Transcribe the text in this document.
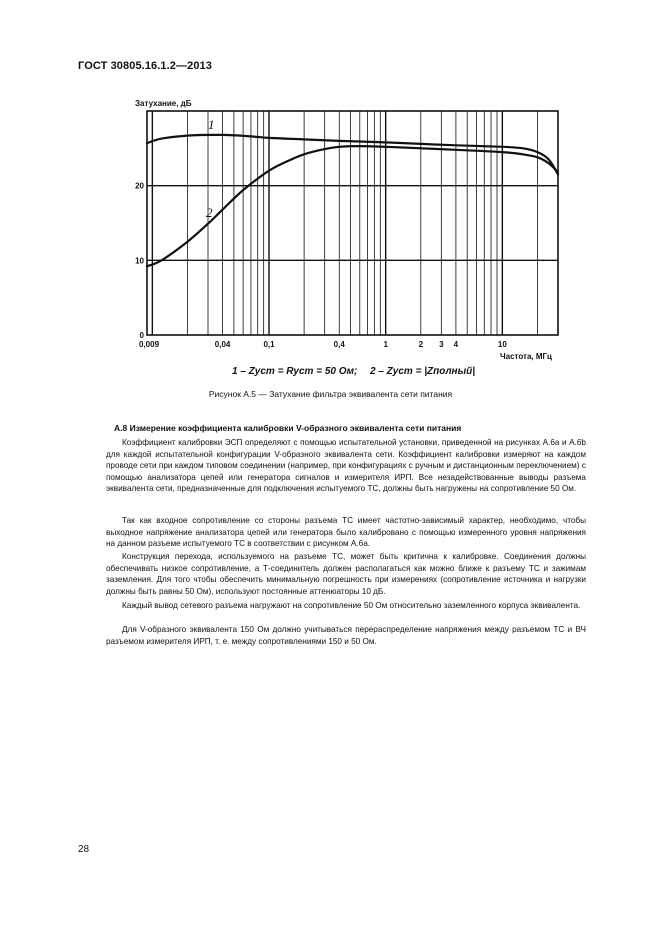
ГОСТ 30805.16.1.2—2013
0,009	0,04	0,1	0,4	1	2 3 4	10
0
10
20
Затухание, дБ
Частота, МГц
1
2
1 – Zуст = Rуст = 50 Ом; 2 – Zуст = |Zполный|
Рисунок А.5 — Затухание фильтра эквивалента сети питания
А.8 Измерение коэффициента калибровки V-образного эквивалента сети питания

Коэффициент калибровки ЭСП определяют с помощью испытательной установки, приведенной на рисунках А.6а и А.6b для каждой испытательной конфигурации V-образного эквивалента сети. Коэффициент калибровки измеряют на каждом проводе сети при каждом типовом соединении (например, при конфигурациях с ручным и дистанционным переключением) с помощью анализатора цепей или генератора сигналов и измерителя ИРП. Все незадействованные выводы разъема эквивалента сети, предназначенные для подключения испытуемого ТС, должны быть нагружены на сопротивление 50 Ом.

Так как входное сопротивление со стороны разъема ТС имеет частотно-зависимый характер, необходимо, чтобы выходное напряжение анализатора цепей или генератора было калибровано с помощью измеренного уровня напряжения на данном разъеме испытуемого ТС в соответствии с рисунком А.6а.

Конструкция перехода, используемого на разъеме ТС, может быть критична к калибровке. Соединения должны обеспечивать низкое сопротивление, а Т-соединитель должен располагаться как можно ближе к разъему ТС и зажимам заземления. Для того чтобы обеспечить минимальную погрешность при измерениях (сопротивление источника и нагрузки должны быть равны 50 Ом), используют постоянные аттенюаторы 10 дБ.

Каждый вывод сетевого разъема нагружают на сопротивление 50 Ом относительно заземленного корпуса эквивалента.

Для V-образного эквивалента 150 Ом должно учитываться перераспределение напряжения между разъемом ТС и ВЧ разъемом измерителя ИРП, т. е. между сопротивлениями 150 и 50 Ом.

28
